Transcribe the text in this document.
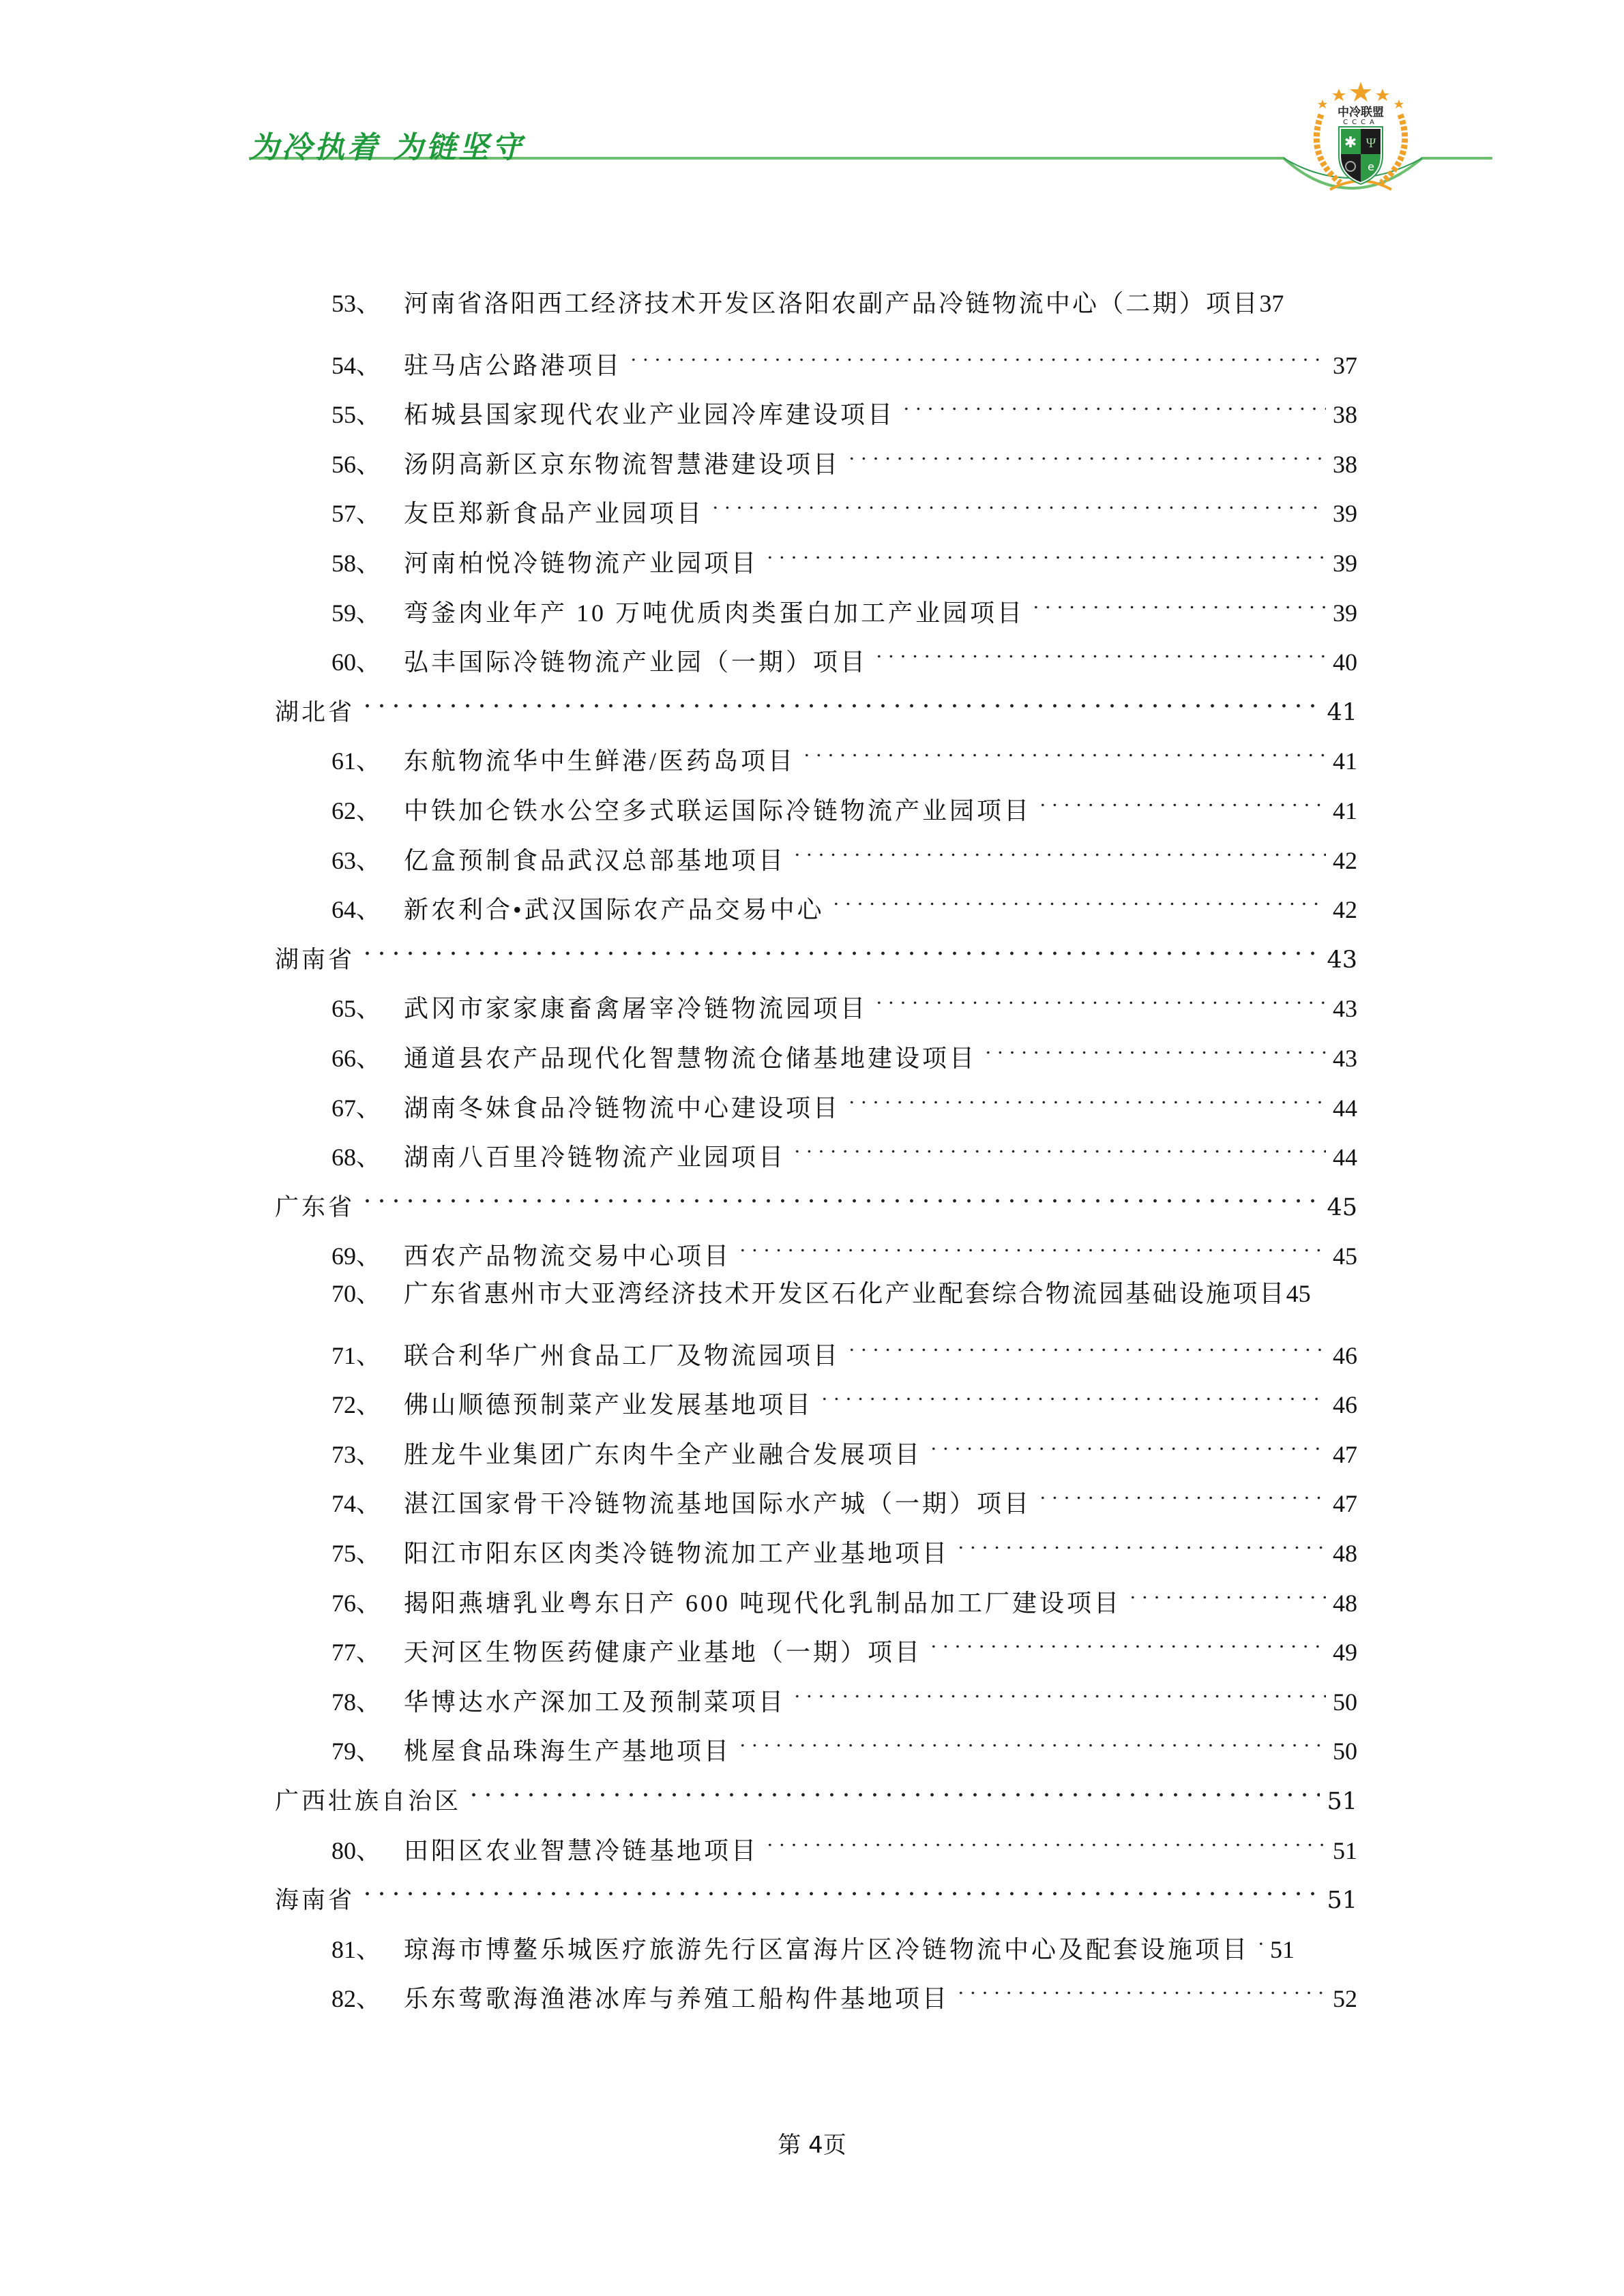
为冷执着 为链坚守
中冷联盟
CCCA
✱ Ψ
e
53、 河南省洛阳西工经济技术开发区洛阳农副产品冷链物流中心（二期）项目 37
54、 驻马店公路港项目	37
55、 柘城县国家现代农业产业园冷库建设项目	38
56、 汤阴高新区京东物流智慧港建设项目	38
57、 友臣郑新食品产业园项目	39
58、 河南柏悦冷链物流产业园项目	39
59、 弯釜肉业年产 10 万吨优质肉类蛋白加工产业园项目	39
60、 弘丰国际冷链物流产业园（一期）项目	40
湖北省	41
61、 东航物流华中生鲜港/医药岛项目	41
62、 中铁加仑铁水公空多式联运国际冷链物流产业园项目	41
63、 亿盒预制食品武汉总部基地项目	42
64、 新农利合•武汉国际农产品交易中心	42
湖南省	43
65、 武冈市家家康畜禽屠宰冷链物流园项目	43
66、 通道县农产品现代化智慧物流仓储基地建设项目	43
67、 湖南冬妹食品冷链物流中心建设项目	44
68、 湖南八百里冷链物流产业园项目	44
广东省	45
69、 西农产品物流交易中心项目	45
70、 广东省惠州市大亚湾经济技术开发区石化产业配套综合物流园基础设施项目 45
71、 联合利华广州食品工厂及物流园项目	46
72、 佛山顺德预制菜产业发展基地项目	46
73、 胜龙牛业集团广东肉牛全产业融合发展项目	47
74、 湛江国家骨干冷链物流基地国际水产城（一期）项目	47
75、 阳江市阳东区肉类冷链物流加工产业基地项目	48
76、 揭阳燕塘乳业粤东日产 600 吨现代化乳制品加工厂建设项目	48
77、 天河区生物医药健康产业基地（一期）项目	49
78、 华博达水产深加工及预制菜项目	50
79、 桃屋食品珠海生产基地项目	50
广西壮族自治区	51
80、 田阳区农业智慧冷链基地项目	51
海南省	51
81、 琼海市博鳌乐城医疗旅游先行区富海片区冷链物流中心及配套设施项目 51
82、 乐东莺歌海渔港冰库与养殖工船构件基地项目	52
第 4页
